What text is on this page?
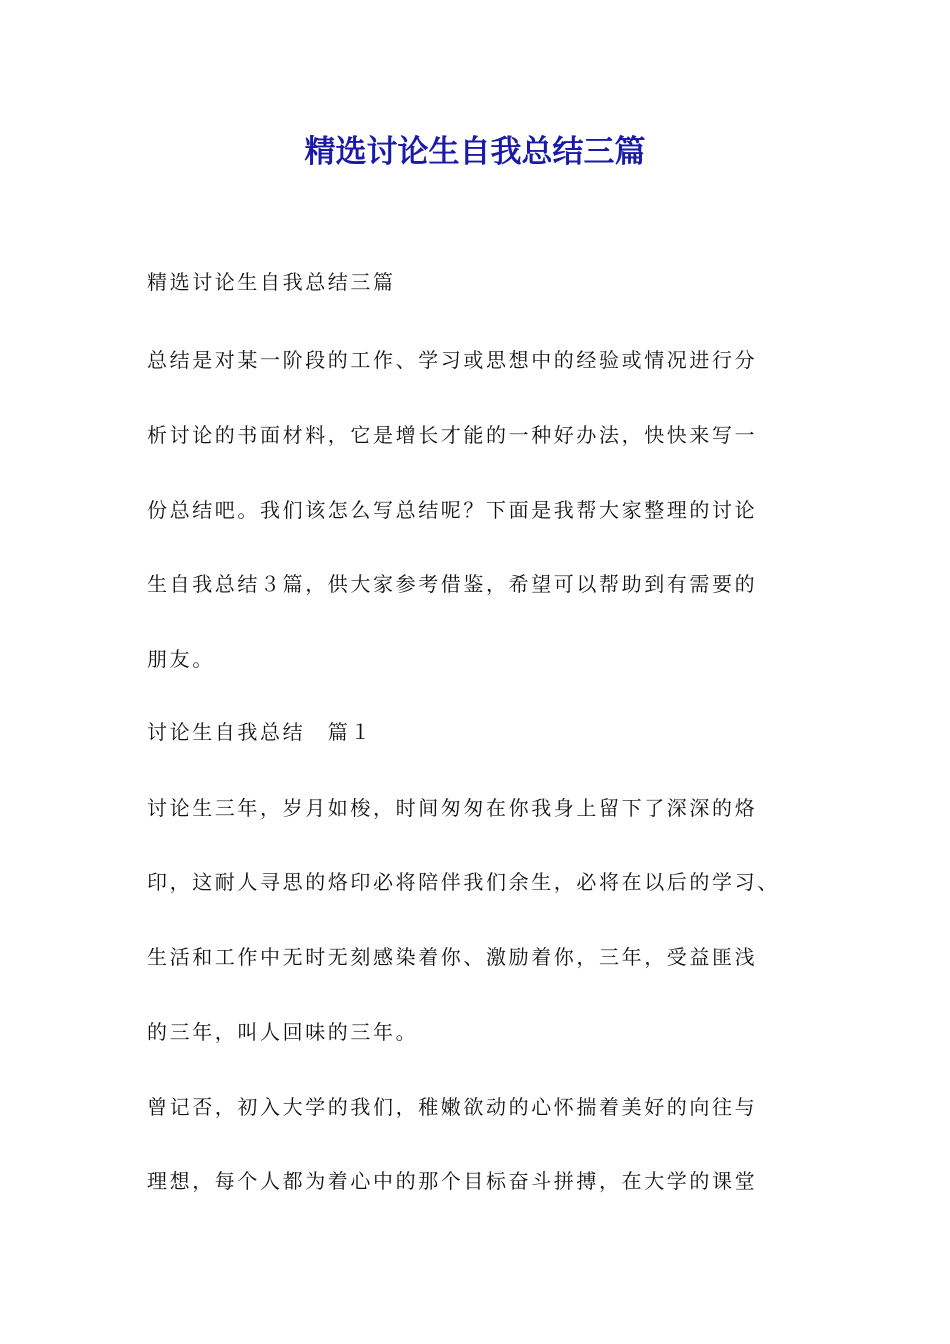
精选讨论生自我总结三篇

精选讨论生自我总结三篇

总结是对某一阶段的工作、学习或思想中的经验或情况进行分

析讨论的书面材料，它是增长才能的一种好办法，快快来写一

份总结吧。我们该怎么写总结呢？下面是我帮大家整理的讨论

生自我总结３篇，供大家参考借鉴，希望可以帮助到有需要的

朋友。

讨论生自我总结　篇１

讨论生三年，岁月如梭，时间匆匆在你我身上留下了深深的烙

印，这耐人寻思的烙印必将陪伴我们余生，必将在以后的学习、

生活和工作中无时无刻感染着你、激励着你，三年，受益匪浅

的三年，叫人回味的三年。

曾记否，初入大学的我们，稚嫩欲动的心怀揣着美好的向往与

理想，每个人都为着心中的那个目标奋斗拼搏，在大学的课堂
